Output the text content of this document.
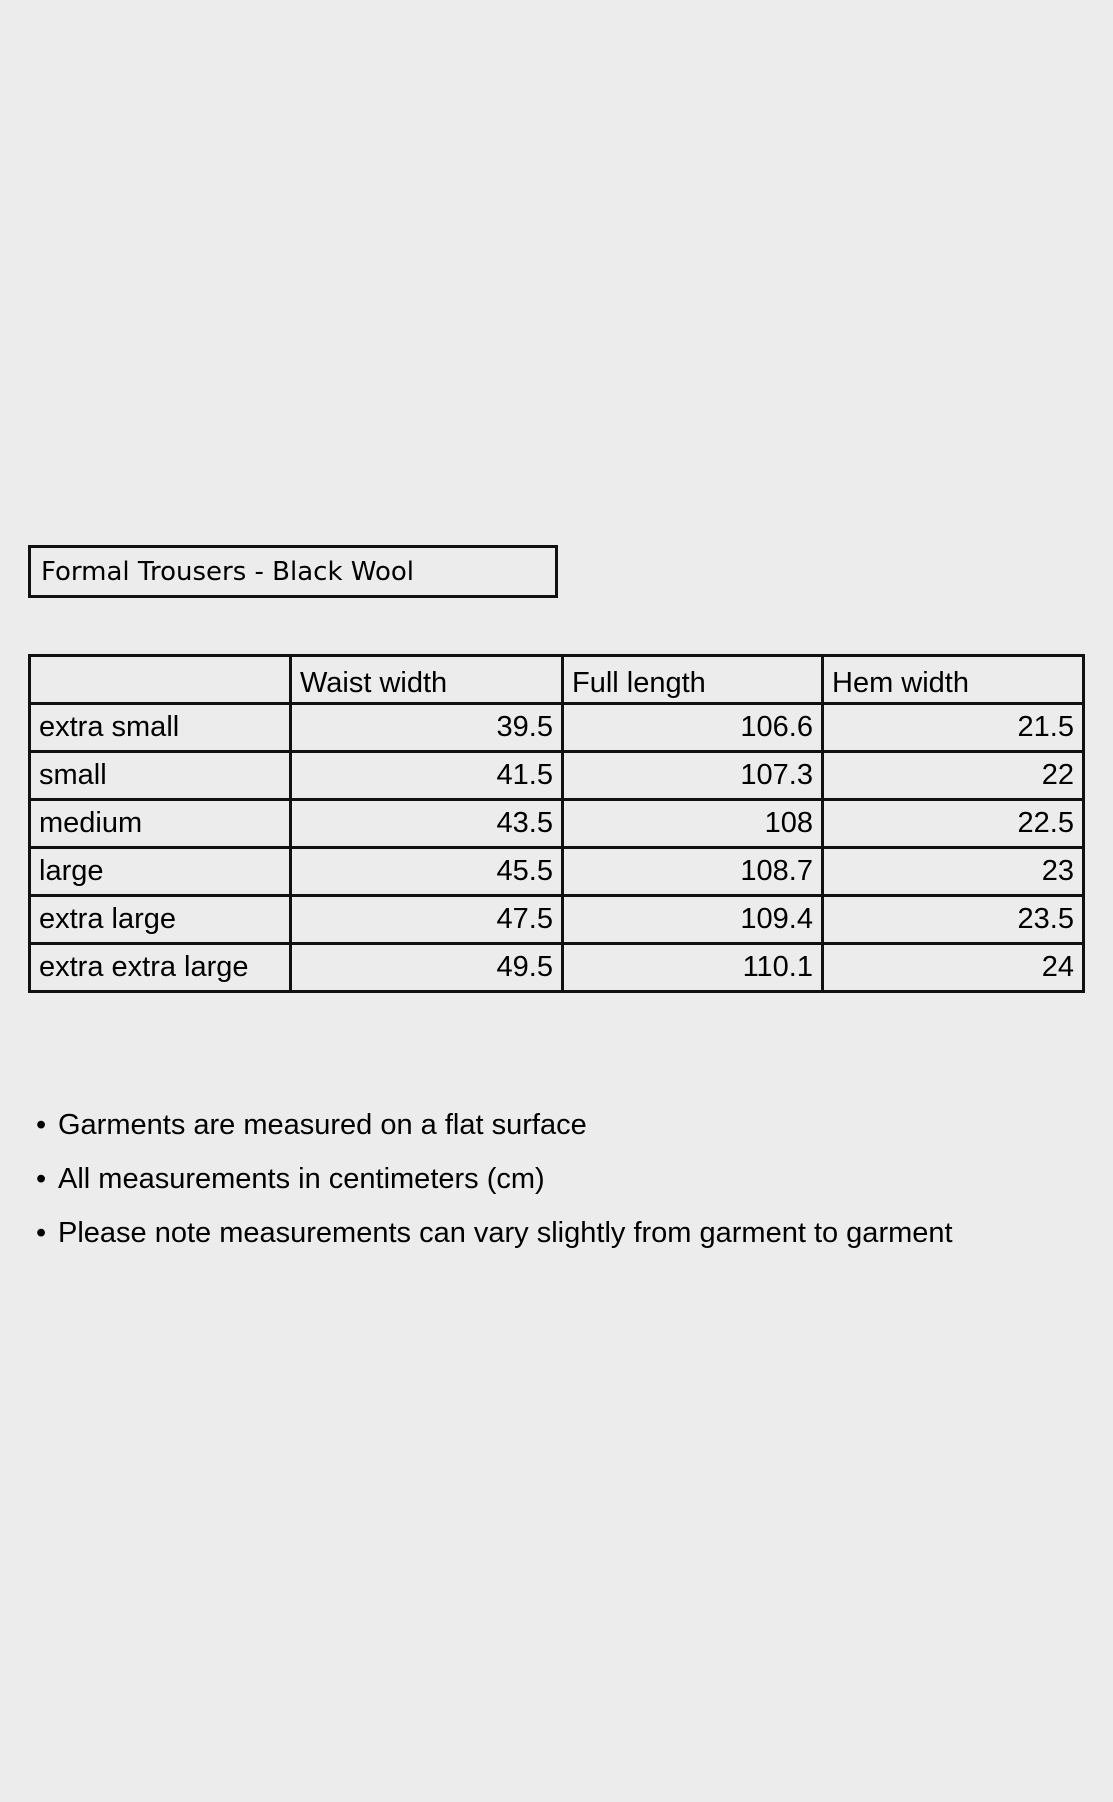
Formal Trousers - Black Wool
	Waist width	Full length	Hem width
extra small	39.5	106.6	21.5
small	41.5	107.3	22
medium	43.5	108	22.5
large	45.5	108.7	23
extra large	47.5	109.4	23.5
extra extra large	49.5	110.1	24
• Garments are measured on a flat surface
• All measurements in centimeters (cm)
• Please note measurements can vary slightly from garment to garment
